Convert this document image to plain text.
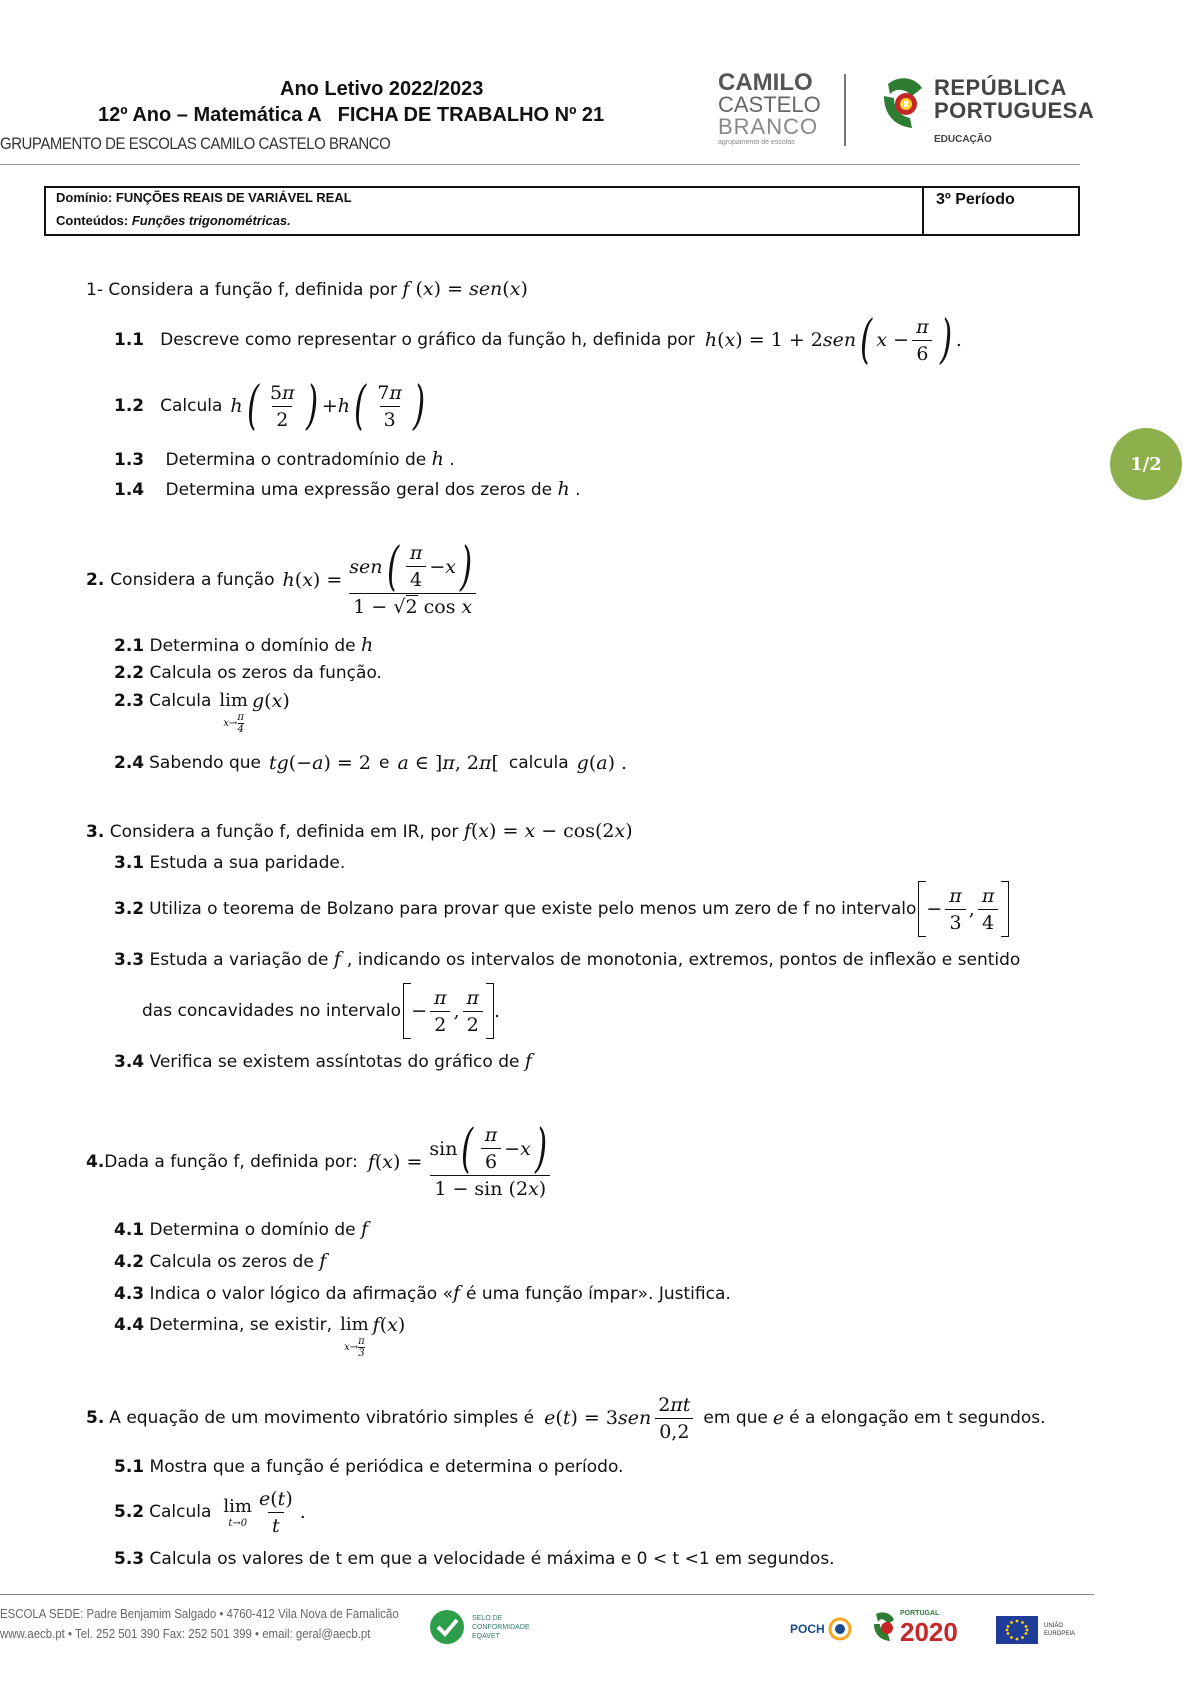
Ano Letivo 2022/2023
12º Ano – Matemática A   FICHA DE TRABALHO Nº 21
GRUPAMENTO DE ESCOLAS CAMILO CASTELO BRANCO
CAMILO
CASTELO
BRANCO
agrupamento de escolas
REPÚBLICA
PORTUGUESA
EDUCAÇÃO
Domínio: FUNÇÕES REAIS DE VARIÁVEL REAL
Conteúdos: Funções trigonométricas.
3º Período
1/2
1- Considera a função f, definida por f (x) = sen(x)
1.1 Descreve como representar o gráfico da função h, definida por h ( x ) = 1 + 2 sen ( $x - \frac{\pi}{6}$ ) .
1.2 Calcula h ( $\frac{5\pi}{2}$ ) + h ( $\frac{7\pi}{3}$ )
1.3 Determina o contradomínio de h .
1.4 Determina uma expressão geral dos zeros de h .
2. Considera a função h ( x ) = $\frac{sen ( \frac{\pi}{4} - x )}{\text{1 − √2 cos x}}$
2.1 Determina o domínio de h
2.2 Calcula os zeros da função.
2.3 Calcula lim
$x\to \frac{\pi}{4}$
g(x)
2.4 Sabendo que tg(−a) = 2 e a ∈ ]π, 2π[ calcula g(a) .
3. Considera a função f, definida em IR, por f(x) = x − cos(2x)
3.1 Estuda a sua paridade.
3.2 Utiliza o teorema de Bolzano para provar que existe pelo menos um zero de f no intervalo − $\frac{\pi}{3}$ , $\frac{\pi}{4}$
3.3 Estuda a variação de f , indicando os intervalos de monotonia, extremos, pontos de inflexão e sentido
das concavidades no intervalo − $\frac{\pi}{2}$ , $\frac{\pi}{2}$ .
3.4 Verifica se existem assíntotas do gráfico de f
4. Dada a função f, definida por: f ( x ) = $\frac{\sin ( \frac{\pi}{6} - x )}{1 - \sin (2x)}$
4.1 Determina o domínio de f
4.2 Calcula os zeros de f
4.3 Indica o valor lógico da afirmação «f é uma função ímpar». Justifica.
4.4 Determina, se existir, lim
$x\to \frac{\pi}{3}$
f(x)
5. A equação de um movimento vibratório simples é e ( t ) = 3 sen $\frac{2\pi t}{0,2}$ em que e é a elongação em t segundos.
5.1 Mostra que a função é periódica e determina o período.
5.2 Calcula lim
$t\to 0 \frac{e(t)}{t}$ .
5.3 Calcula os valores de t em que a velocidade é máxima e 0 < t <1 em segundos.
ESCOLA SEDE: Padre Benjamim Salgado • 4760-412 Vila Nova de Famalicão
www.aecb.pt • Tel. 252 501 390 Fax: 252 501 399 • email: geral@aecb.pt
SELO DE CONFORMIDADE EQAVET	POCH
PORTUGAL
2020	UNIÃO EUROPEIA
